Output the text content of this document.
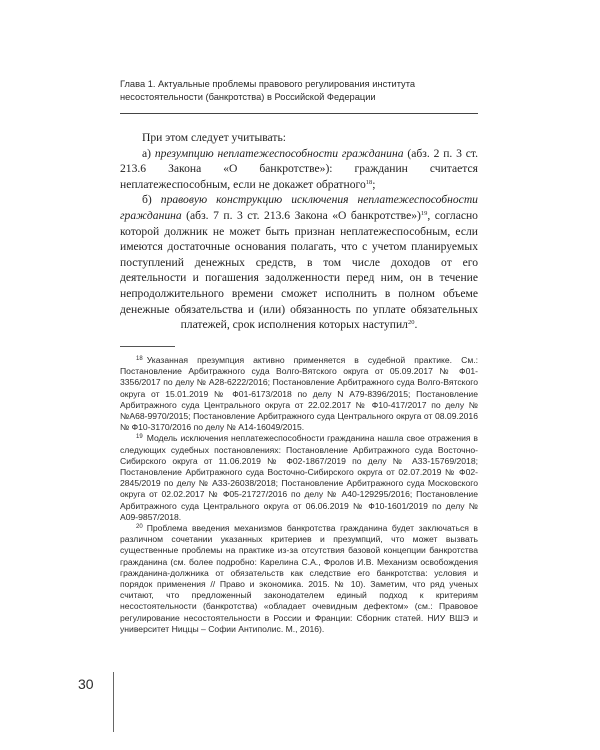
Глава 1. Актуальные проблемы правового регулирования института
несостоятельности (банкротства) в Российской Федерации

При этом следует учитывать:

а) презумпцию неплатежеспособности гражданина (абз. 2 п. 3 ст. 213.6 Закона «О банкротстве»): гражданин считается неплатежеспособным, если не докажет обратного$^{18}$;

б) правовую конструкцию исключения неплатежеспособности гражданина (абз. 7 п. 3 ст. 213.6 Закона «О банкротстве»)$^{19}$, согласно которой должник не может быть признан неплатежеспособным, если имеются достаточные основания полагать, что с учетом планируемых поступлений денежных средств, в том числе доходов от его деятельности и погашения задолженности перед ним, он в течение непродолжительного времени сможет исполнить в полном объеме денежные обязательства и (или) обязанность по уплате обязательных платежей, срок исполнения которых наступил$^{20}$.

$^{18}$ Указанная презумпция активно применяется в судебной практике. См.: Постановление Арбитражного суда Волго-Вятского округа от 05.09.2017 № Ф01-3356/2017 по делу № А28-6222/2016; Постановление Арбитражного суда Волго-Вятского округа от 15.01.2019 № Ф01-6173/2018 по делу N А79-8396/2015; Постановление Арбитражного суда Центрального округа от 22.02.2017 № Ф10-417/2017 по делу №№А68-9970/2015; Постановление Арбитражного суда Центрального округа от 08.09.2016 № Ф10-3170/2016 по делу № А14-16049/2015.

$^{19}$ Модель исключения неплатежеспособности гражданина нашла свое отражения в следующих судебных постановлениях: Постановление Арбитражного суда Восточно-Сибирского округа от 11.06.2019 № Ф02-1867/2019 по делу № А33-15769/2018; Постановление Арбитражного суда Восточно-Сибирского округа от 02.07.2019 № Ф02-2845/2019 по делу № А33-26038/2018; Постановление Арбитражного суда Московского округа от 02.02.2017 № Ф05-21727/2016 по делу № А40-129295/2016; Постановление Арбитражного суда Центрального округа от 06.06.2019 № Ф10-1601/2019 по делу № А09-9857/2018.

$^{20}$ Проблема введения механизмов банкротства гражданина будет заключаться в различном сочетании указанных критериев и презумпций, что может вызвать существенные проблемы на практике из-за отсутствия базовой концепции банкротства гражданина (см. более подробно: Карелина С.А., Фролов И.В. Механизм освобождения гражданина-должника от обязательств как следствие его банкротства: условия и порядок применения // Право и экономика. 2015. № 10). Заметим, что ряд ученых считают, что предложенный законодателем единый подход к критериям несостоятельности (банкротства) «обладает очевидным дефектом» (см.: Правовое регулирование несостоятельности в России и Франции: Сборник статей. НИУ ВШЭ и университет Ниццы – Софии Антиполис. М., 2016).

30
